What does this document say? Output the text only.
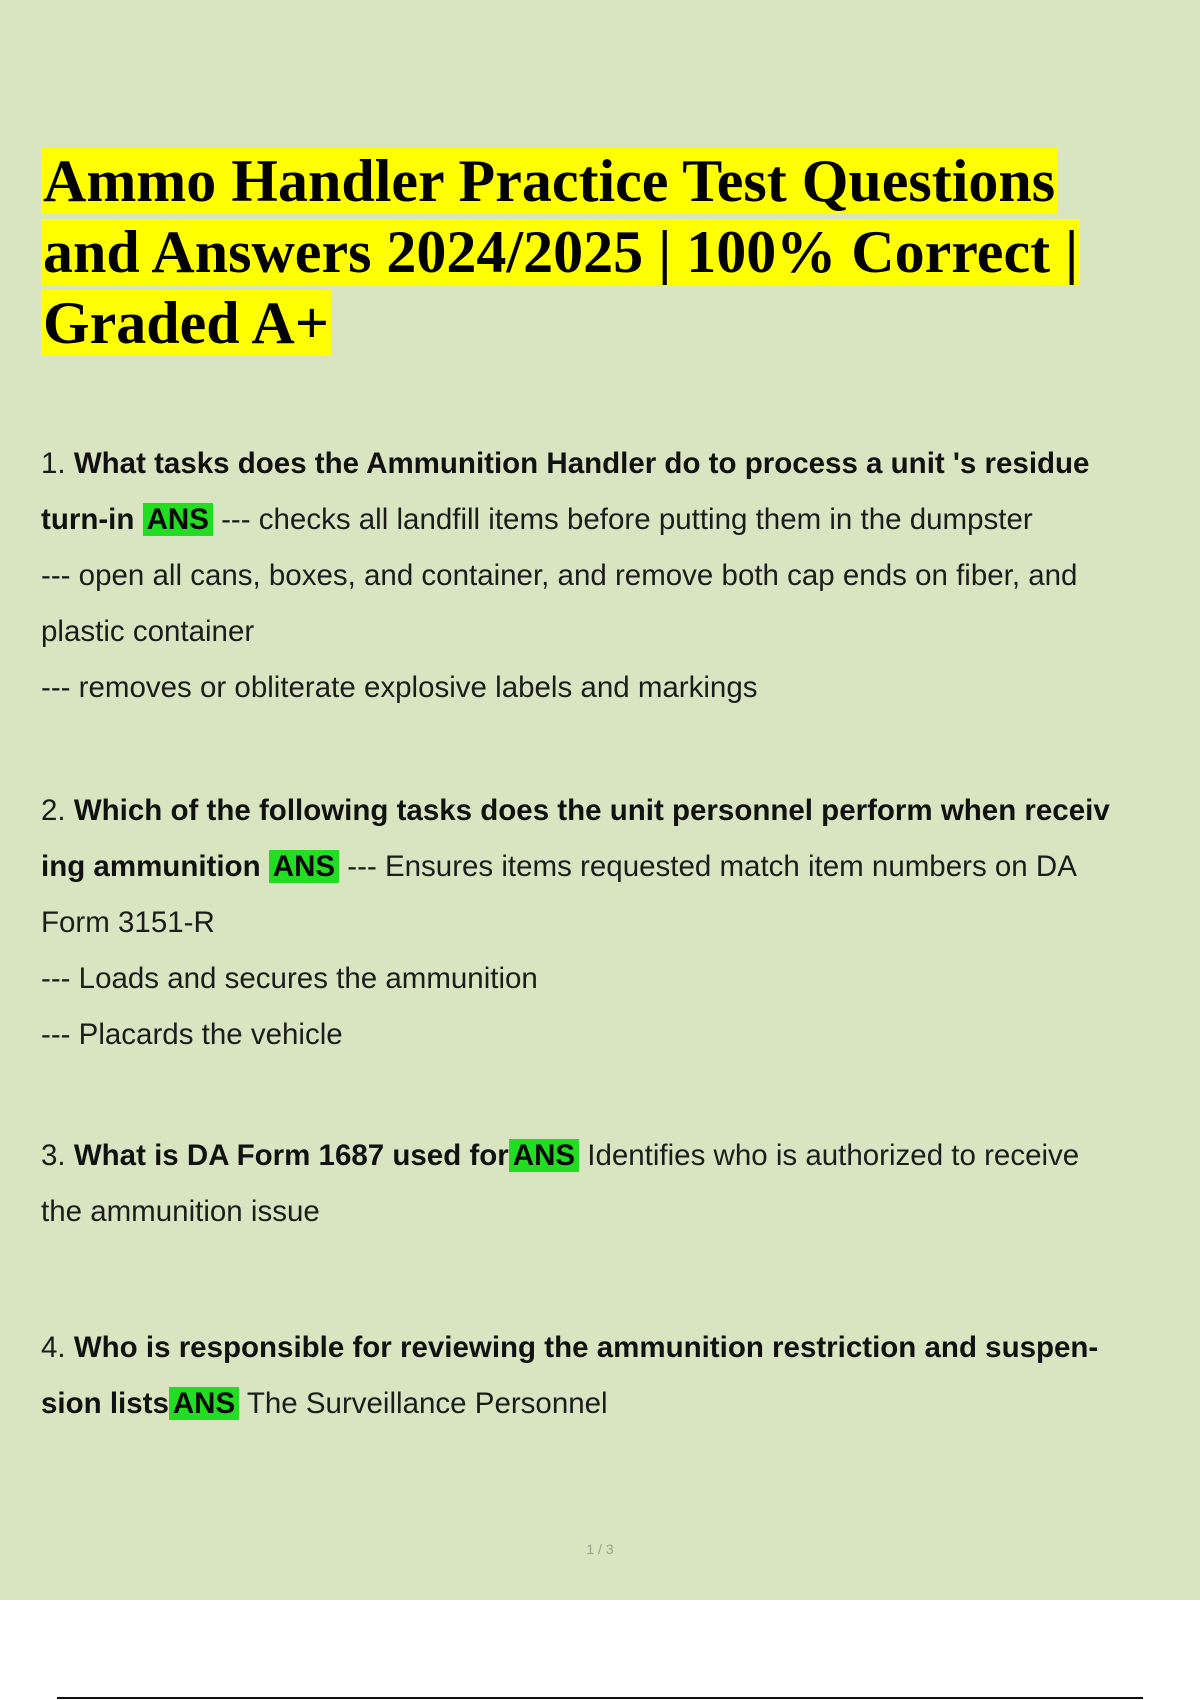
Ammo Handler Practice Test Questions
and Answers 2024/2025 | 100% Correct |
Graded A+
1. What tasks does the Ammunition Handler do to process a unit 's residue
turn-in ANS --- checks all landfill items before putting them in the dumpster
--- open all cans, boxes, and container, and remove both cap ends on fiber, and
plastic container
--- removes or obliterate explosive labels and markings
2. Which of the following tasks does the unit personnel perform when receiv
ing ammunition ANS --- Ensures items requested match item numbers on DA
Form 3151-R
--- Loads and secures the ammunition
--- Placards the vehicle
3. What is DA Form 1687 used for ANS Identifies who is authorized to receive
the ammunition issue
4. Who is responsible for reviewing the ammunition restriction and suspen-
sion lists ANS The Surveillance Personnel
1 / 3
